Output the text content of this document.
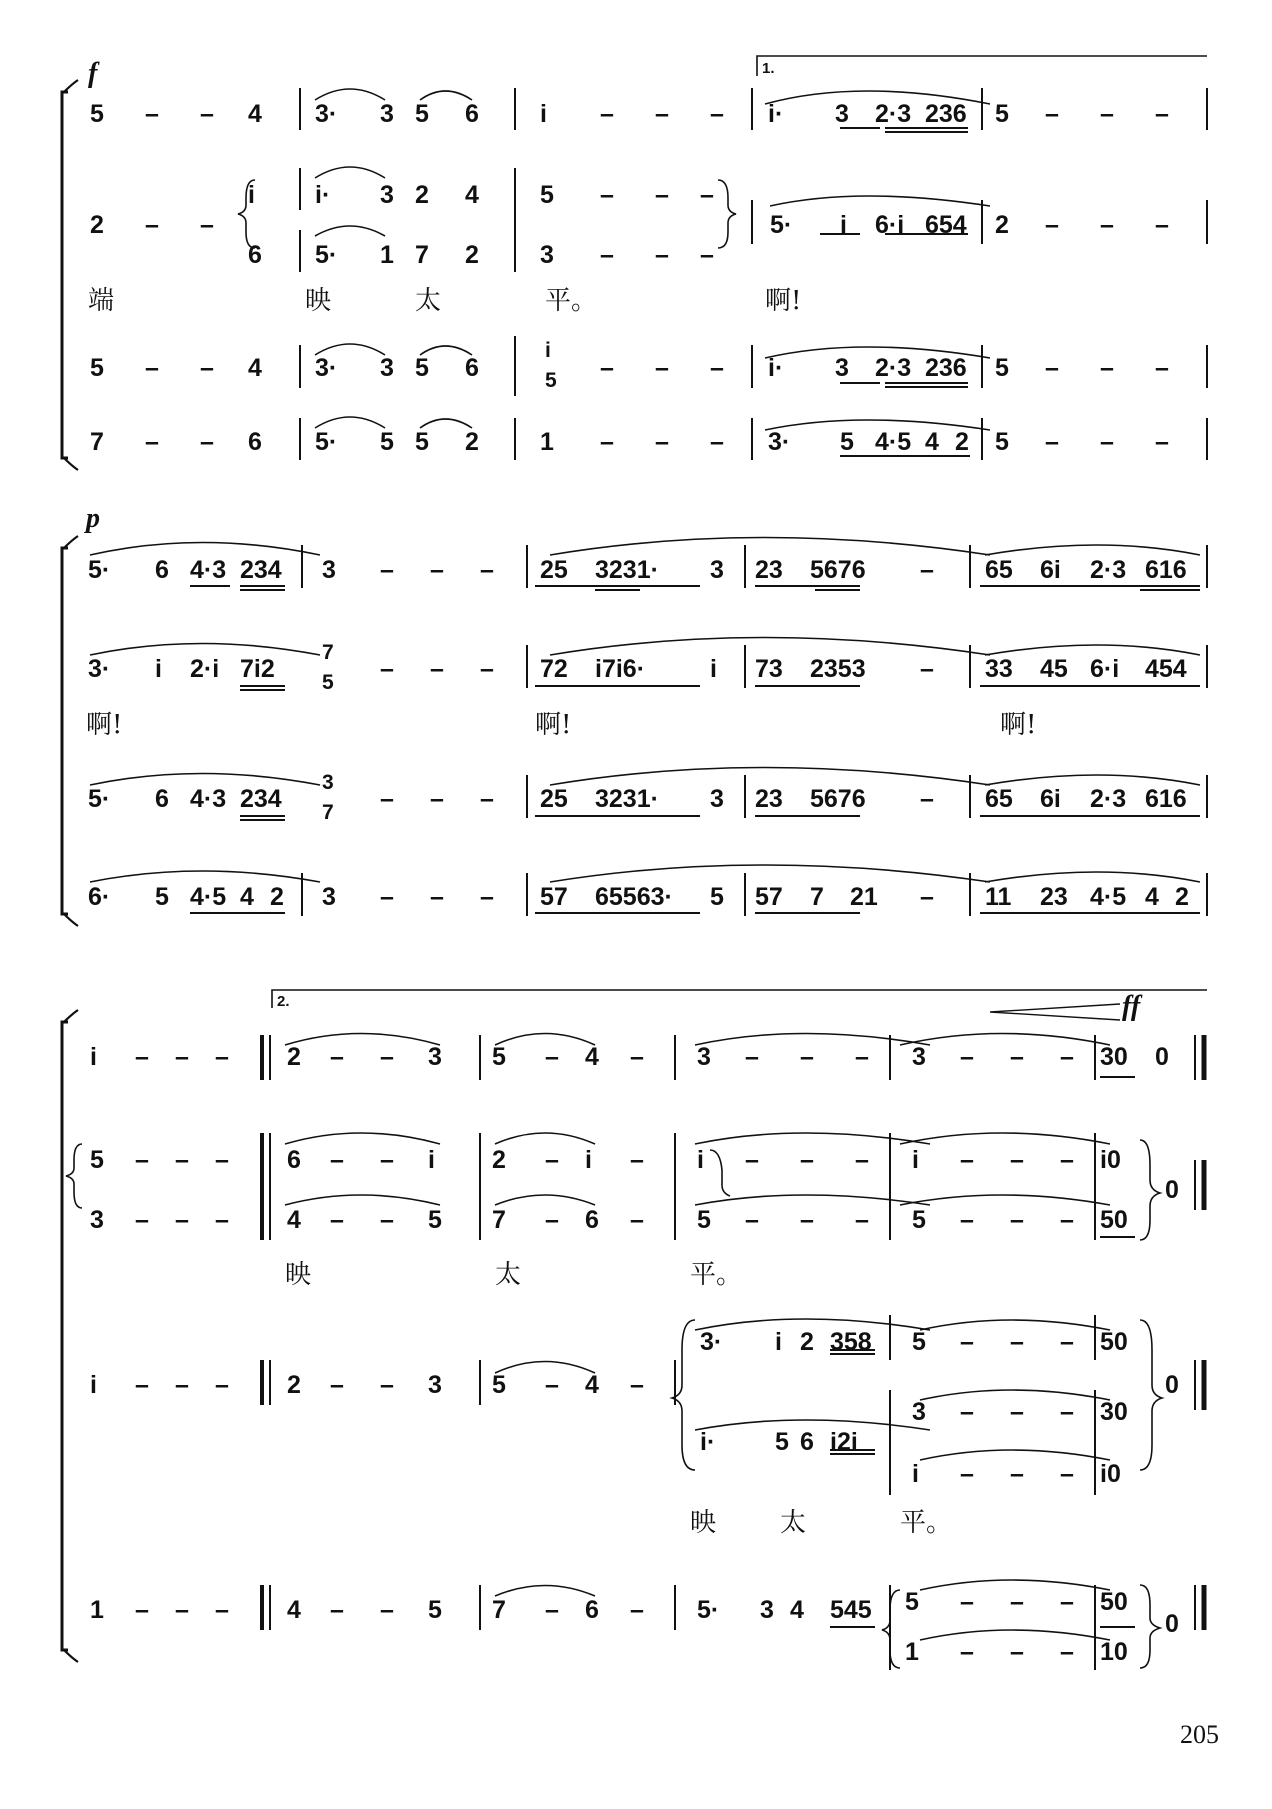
f
p
ff
1.
2.
205
端	映	太	平。	啊!
啊!	啊!	啊!
映	太	平。
映 太	平。
5 – – 4 3· 3 5 6 i – – – i· 3 2·3 236 5 – – –
2 – –
i
6
i· 3 2 4
5· 1 7 2
5 – – –
3 – – –
5· i 6·i 654 2 – – –
5 – – 4 3· 3 5 6
i
5 – – – i· 3 2·3 236 5 – – –
7 – – 6 5· 5 5 2 1 – – – 3· 5 4·5 4 2 5 – – –
5· 6 4·3 234 3 – – – 25 3231· 3 23 5676 – 65 6i 2·3 616
3· i 2·i 7i2
7
5 – – – 72 i7i6·	i 73 2353 – 33 45 6·i 454
5· 6 4·3 234
3
7 – – – 25 3231· 3 23 5676 – 65 6i 2·3 616
6· 5 4·5 4 2 3 – – – 57 65563· 5 57 7 21 – 11 23 4·5 4 2
i – – – 2 – – 3 5 – 4 – 3 – – – 3 – – – 30 0
5 – – – 6 – – i 2 – i – i – – – i – – – i0
3 – – – 4 – – 5 7 – 6 – 5 – – – 5 – – – 50
0
i – – – 2 – – 3 5 – 4 –
3 – – – 30
0
3· i 2 358 5 – – – 50
i· 5 6 i2i
i – – – i0
1 – – – 4 – – 5 7 – 6 – 5· 3 4 545 5 – – – 50
0
1 – – – 10
